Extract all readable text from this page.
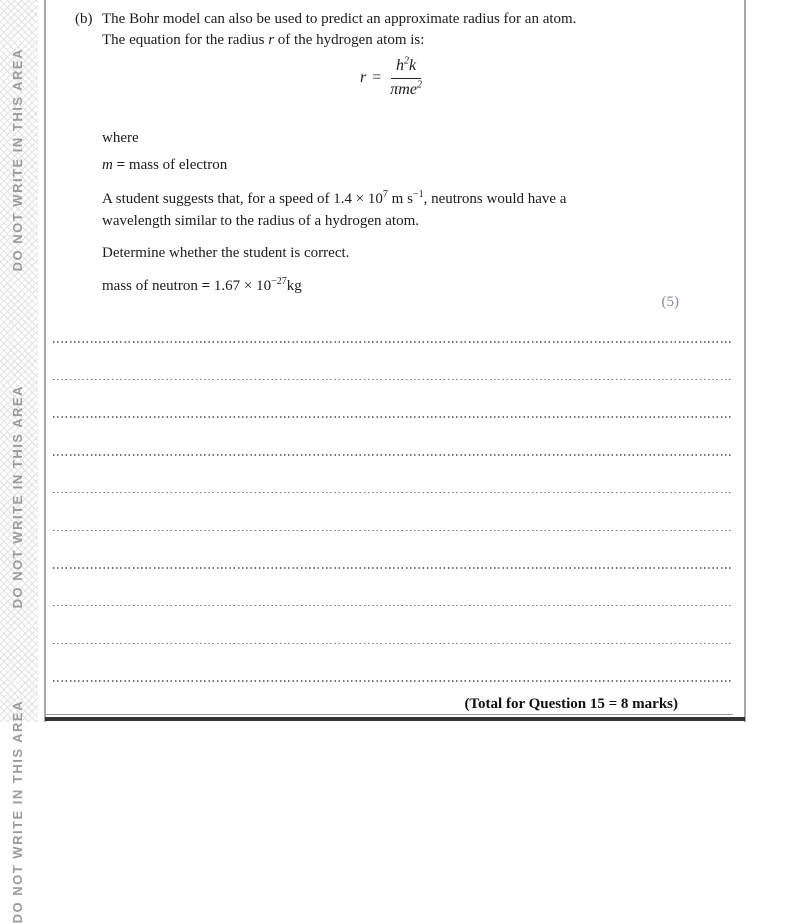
DO NOT WRITE IN THIS AREA
DO NOT WRITE IN THIS AREA
DO NOT WRITE IN THIS AREA
(b) The Bohr model can also be used to predict an approximate radius for an atom.
The equation for the radius r of the hydrogen atom is:
$r = \frac{h^2k}{\pi me^2}$
where
m = mass of electron
A student suggests that, for a speed of $1.4 \times 10^7$ m $s^{-1}$, neutrons would have a
wavelength similar to the radius of a hydrogen atom.
Determine whether the student is correct.
mass of neutron = $1.67 \times 10^{-27}kg$
(5)
(Total for Question 15 = 8 marks)
